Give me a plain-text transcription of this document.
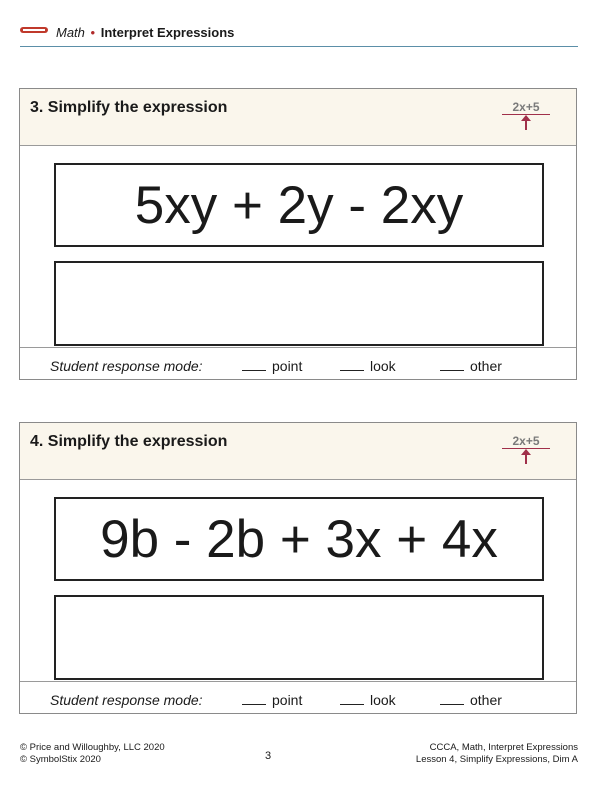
Math • Interpret Expressions
3. Simplify the expression	2x+5
5xy + 2y - 2xy
Student response mode:	point	look	other
4. Simplify the expression	2x+5
9b - 2b + 3x + 4x
Student response mode:	point	look	other
© Price and Willoughby, LLC 2020
© SymbolStix 2020	3
CCCA, Math, Interpret Expressions
Lesson 4, Simplify Expressions, Dim A
